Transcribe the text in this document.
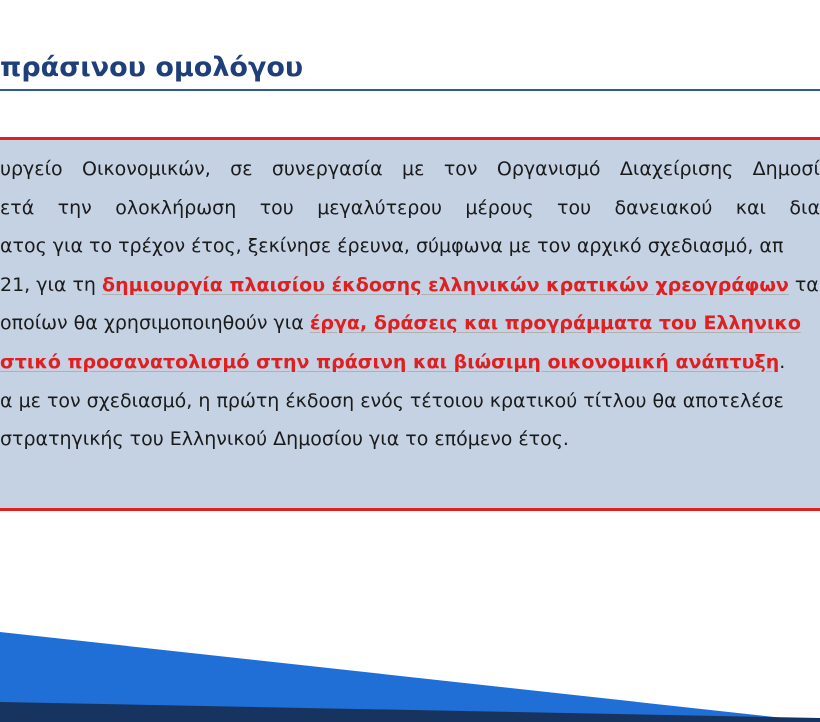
πράσινου ομολόγου
υργείο Οικονομικών, σε συνεργασία με τον Οργανισμό Διαχείρισης Δημοσί
ετά την ολοκλήρωση του μεγαλύτερου μέρους του δανειακού και δια
ατος για το τρέχον έτος, ξεκίνησε έρευνα, σύμφωνα με τον αρχικό σχεδιασμό, απ
21, για τη δημιουργία πλαισίου έκδοσης ελληνικών κρατικών χρεογράφων τα
οποίων θα χρησιμοποιηθούν για έργα, δράσεις και προγράμματα του Ελληνικο
στικό προσανατολισμό στην πράσινη και βιώσιμη οικονομική ανάπτυξη.
α με τον σχεδιασμό, η πρώτη έκδοση ενός τέτοιου κρατικού τίτλου θα αποτελέσε
στρατηγικής του Ελληνικού Δημοσίου για το επόμενο έτος.
